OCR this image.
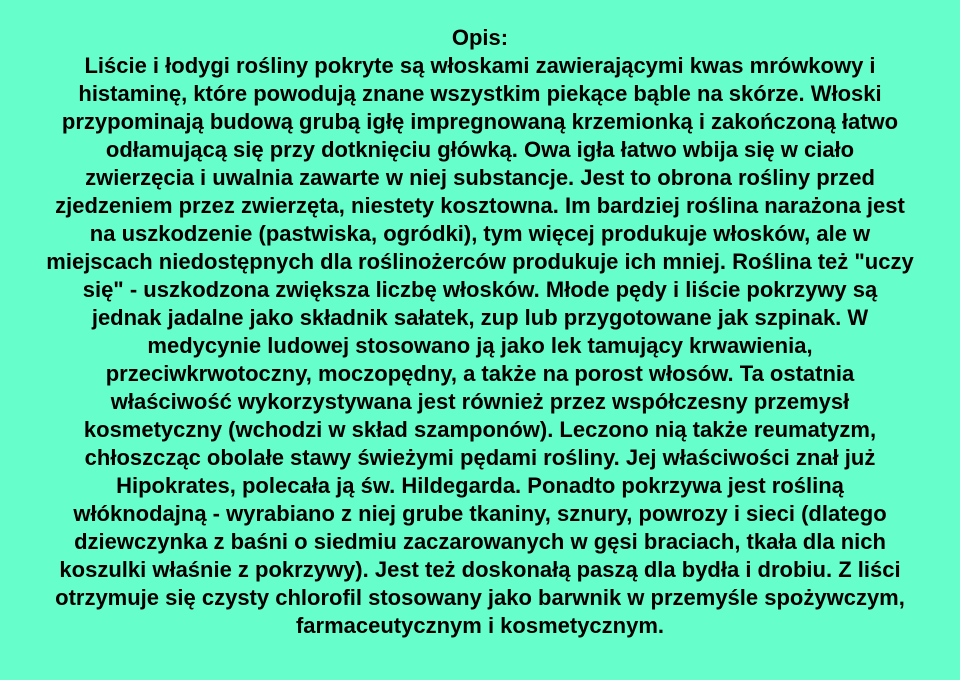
Opis:
Liście i łodygi rośliny pokryte są włoskami zawierającymi kwas mrówkowy i
histaminę, które powodują znane wszystkim piekące bąble na skórze. Włoski
przypominają budową grubą igłę impregnowaną krzemionką i zakończoną łatwo
odłamującą się przy dotknięciu główką. Owa igła łatwo wbija się w ciało
zwierzęcia i uwalnia zawarte w niej substancje. Jest to obrona rośliny przed
zjedzeniem przez zwierzęta, niestety kosztowna. Im bardziej roślina narażona jest
na uszkodzenie (pastwiska, ogródki), tym więcej produkuje włosków, ale w
miejscach niedostępnych dla roślinożerców produkuje ich mniej. Roślina też "uczy
się" - uszkodzona zwiększa liczbę włosków. Młode pędy i liście pokrzywy są
jednak jadalne jako składnik sałatek, zup lub przygotowane jak szpinak. W
medycynie ludowej stosowano ją jako lek tamujący krwawienia,
przeciwkrwotoczny, moczopędny, a także na porost włosów. Ta ostatnia
właściwość wykorzystywana jest również przez współczesny przemysł
kosmetyczny (wchodzi w skład szamponów). Leczono nią także reumatyzm,
chłoszcząc obolałe stawy świeżymi pędami rośliny. Jej właściwości znał już
Hipokrates, polecała ją św. Hildegarda. Ponadto pokrzywa jest rośliną
włóknodajną - wyrabiano z niej grube tkaniny, sznury, powrozy i sieci (dlatego
dziewczynka z baśni o siedmiu zaczarowanych w gęsi braciach, tkała dla nich
koszulki właśnie z pokrzywy). Jest też doskonałą paszą dla bydła i drobiu. Z liści
otrzymuje się czysty chlorofil stosowany jako barwnik w przemyśle spożywczym,
farmaceutycznym i kosmetycznym.
